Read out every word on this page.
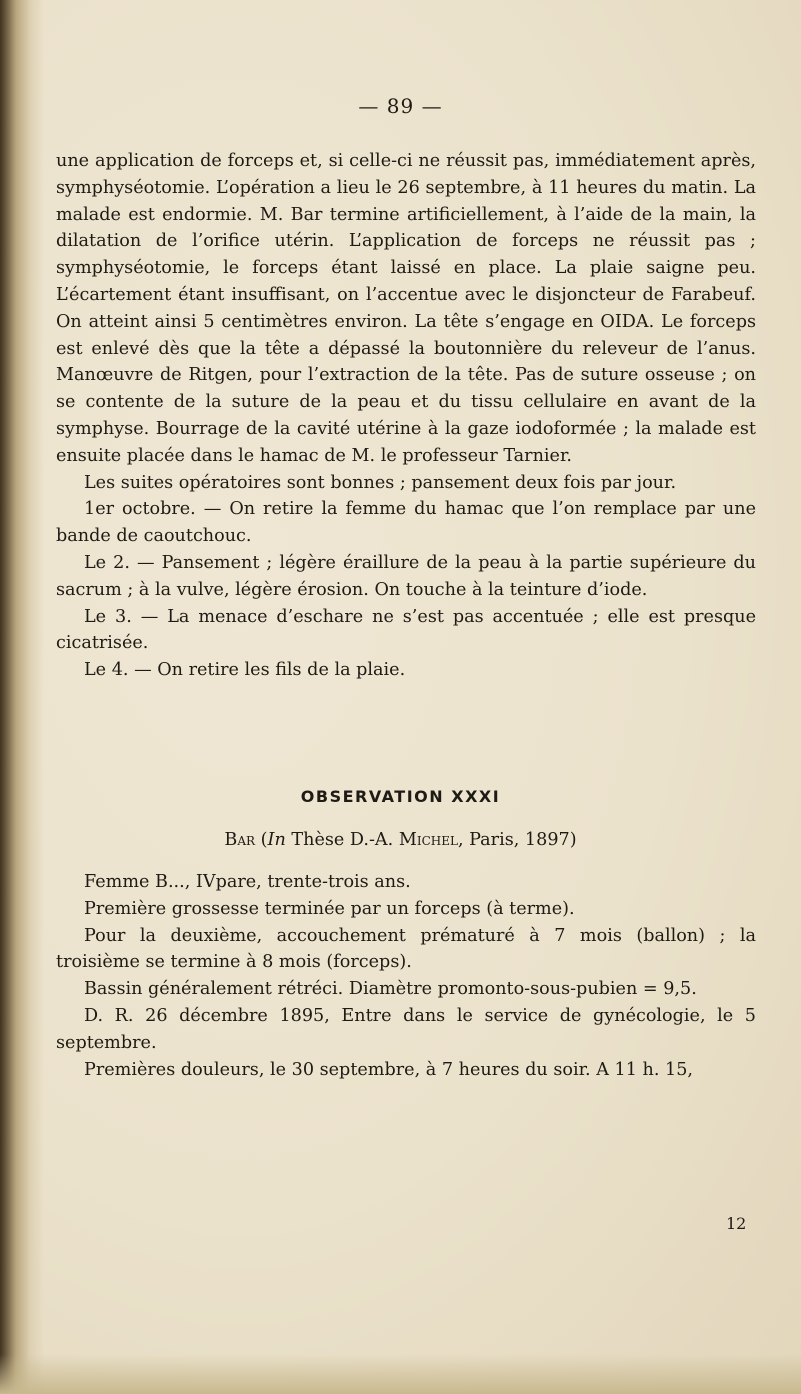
— 89 —

une application de forceps et, si celle-ci ne réussit pas, immédiatement après, symphyséotomie. L’opération a lieu le 26 septembre, à 11 heures du matin. La malade est endormie. M. Bar termine artificiellement, à l’aide de la main, la dilatation de l’orifice utérin. L’application de forceps ne réussit pas ; symphyséotomie, le forceps étant laissé en place. La plaie saigne peu. L’écartement étant insuffisant, on l’accentue avec le disjoncteur de Farabeuf. On atteint ainsi 5 centimètres environ. La tête s’engage en OIDA. Le forceps est enlevé dès que la tête a dépassé la boutonnière du releveur de l’anus. Manœuvre de Ritgen, pour l’extraction de la tête. Pas de suture osseuse ; on se contente de la suture de la peau et du tissu cellulaire en avant de la symphyse. Bourrage de la cavité utérine à la gaze iodoformée ; la malade est ensuite placée dans le hamac de M. le professeur Tarnier.

Les suites opératoires sont bonnes ; pansement deux fois par jour.

1er octobre. — On retire la femme du hamac que l’on remplace par une bande de caoutchouc.

Le 2. — Pansement ; légère éraillure de la peau à la partie supérieure du sacrum ; à la vulve, légère érosion. On touche à la teinture d’iode.

Le 3. — La menace d’eschare ne s’est pas accentuée ; elle est presque cicatrisée.

Le 4. — On retire les fils de la plaie.

OBSERVATION XXXI
Bar (In Thèse D.-A. Michel, Paris, 1897)

Femme B..., IVpare, trente-trois ans.

Première grossesse terminée par un forceps (à terme).

Pour la deuxième, accouchement prématuré à 7 mois (ballon) ; la troisième se termine à 8 mois (forceps).

Bassin généralement rétréci. Diamètre promonto-sous-pubien = 9,5.

D. R. 26 décembre 1895, Entre dans le service de gynécologie, le 5 septembre.

Premières douleurs, le 30 septembre, à 7 heures du soir. A 11 h. 15,

12
